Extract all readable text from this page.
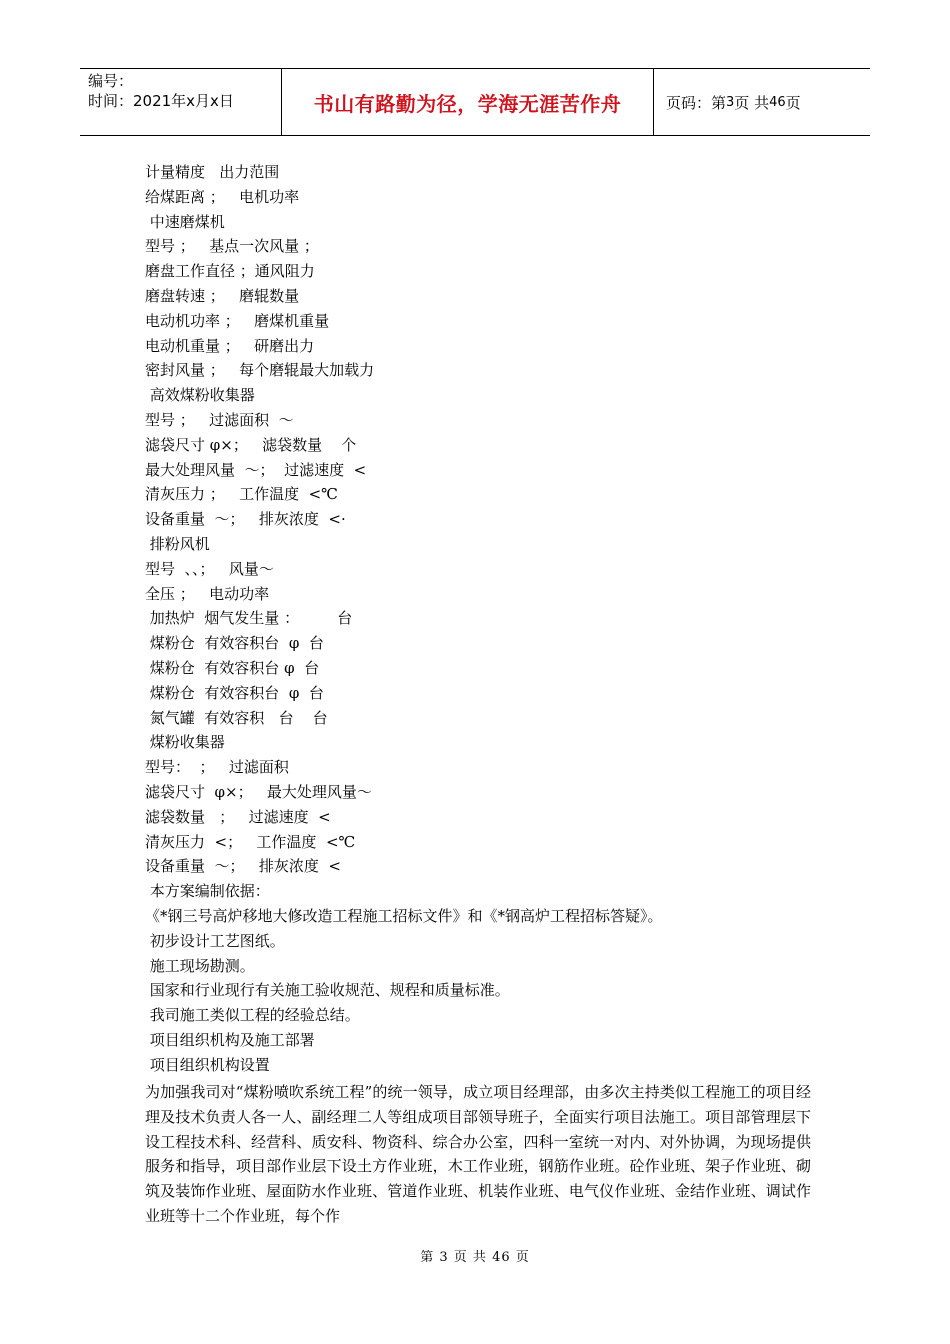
编号：
时间：2021年x月x日	书山有路勤为径，学海无涯苦作舟	页码：第 3 页 共 46 页
计量精度   出力范围
给煤距离 ；   电机功率
中速磨煤机
型号 ；   基点一次风量 ；
磨盘工作直径 ；通风阻力
磨盘转速 ；   磨辊数量
电动机功率 ；   磨煤机重量
电动机重量 ；   研磨出力
密封风量 ；   每个磨辊最大加载力
高效煤粉收集器
型号 ；   过滤面积  ～
滤袋尺寸 φ×；   滤袋数量    个
最大处理风量  ～；  过滤速度  <
清灰压力 ；   工作温度  <℃
设备重量  ～；   排灰浓度  <·
排粉风机
型号  、、；   风量～
全压 ；   电动功率
加热炉  烟气发生量 ：        台
煤粉仓  有效容积台  φ  台
煤粉仓  有效容积台 φ  台
煤粉仓  有效容积台  φ  台
氮气罐  有效容积   台    台
煤粉收集器
型号：  ；   过滤面积
滤袋尺寸  φ×；   最大处理风量～
滤袋数量   ；   过滤速度  <
清灰压力  <；   工作温度  <℃
设备重量  ～；   排灰浓度  <
本方案编制依据：
《*钢三号高炉移地大修改造工程施工招标文件》和《*钢高炉工程招标答疑》。
初步设计工艺图纸。
施工现场勘测。
国家和行业现行有关施工验收规范、规程和质量标准。
我司施工类似工程的经验总结。
项目组织机构及施工部署
项目组织机构设置
为加强我司对“煤粉喷吹系统工程”的统一领导，成立项目经理部，由多次主持类似工程施工的项目经理及技术负责人各一人、副经理二人等组成项目部领导班子，全面实行项目法施工。项目部管理层下设工程技术科、经营科、质安科、物资科、综合办公室，四科一室统一对内、对外协调，为现场提供服务和指导，项目部作业层下设土方作业班，木工作业班，钢筋作业班。砼作业班、架子作业班、砌筑及装饰作业班、屋面防水作业班、管道作业班、机装作业班、电气仪作业班、金结作业班、调试作业班等十二个作业班，每个作
第 3 页 共 46 页
